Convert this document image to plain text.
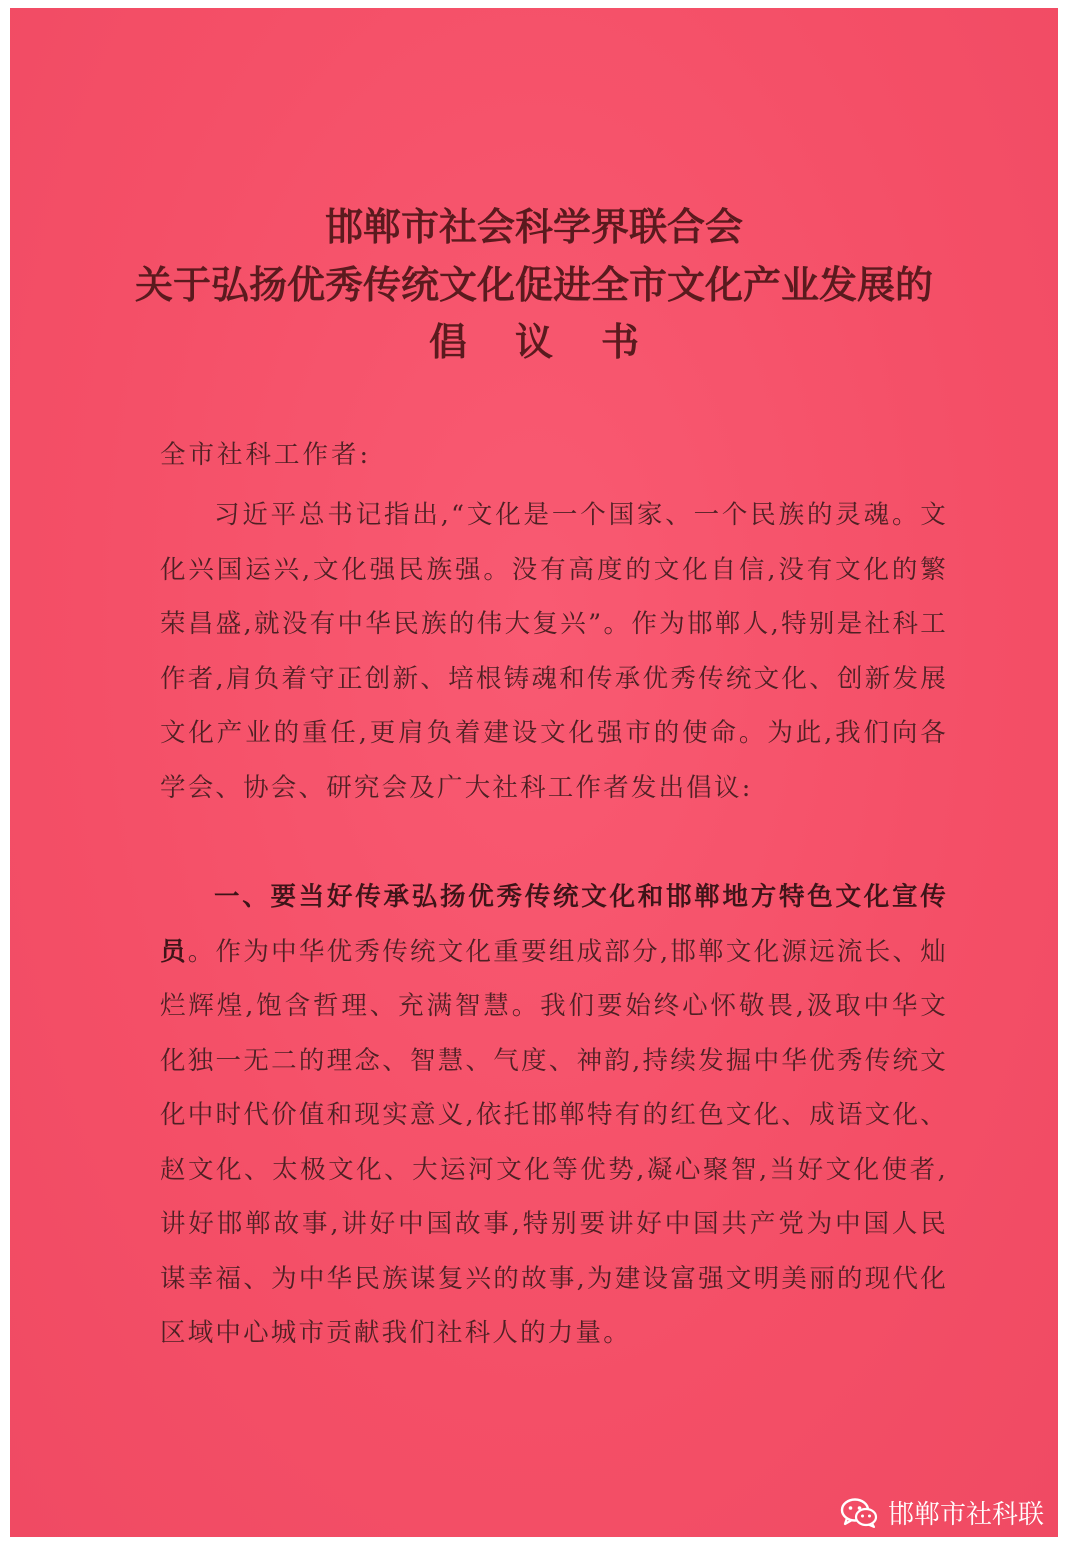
邯郸市社会科学界联合会
关于弘扬优秀传统文化促进全市文化产业发展的
倡议书
全市社科工作者:
习近平总书记指出,“文化是一个国家、一个民族的灵魂。文化兴国运兴,文化强民族强。没有高度的文化自信,没有文化的繁荣昌盛,就没有中华民族的伟大复兴”。作为邯郸人,特别是社科工作者,肩负着守正创新、培根铸魂和传承优秀传统文化、创新发展文化产业的重任,更肩负着建设文化强市的使命。为此,我们向各学会、协会、研究会及广大社科工作者发出倡议:
一、要当好传承弘扬优秀传统文化和邯郸地方特色文化宣传员。作为中华优秀传统文化重要组成部分,邯郸文化源远流长、灿烂辉煌,饱含哲理、充满智慧。我们要始终心怀敬畏,汲取中华文化独一无二的理念、智慧、气度、神韵,持续发掘中华优秀传统文化中时代价值和现实意义,依托邯郸特有的红色文化、成语文化、赵文化、太极文化、大运河文化等优势,凝心聚智,当好文化使者,讲好邯郸故事,讲好中国故事,特别要讲好中国共产党为中国人民谋幸福、为中华民族谋复兴的故事,为建设富强文明美丽的现代化区域中心城市贡献我们社科人的力量。
邯郸市社科联
